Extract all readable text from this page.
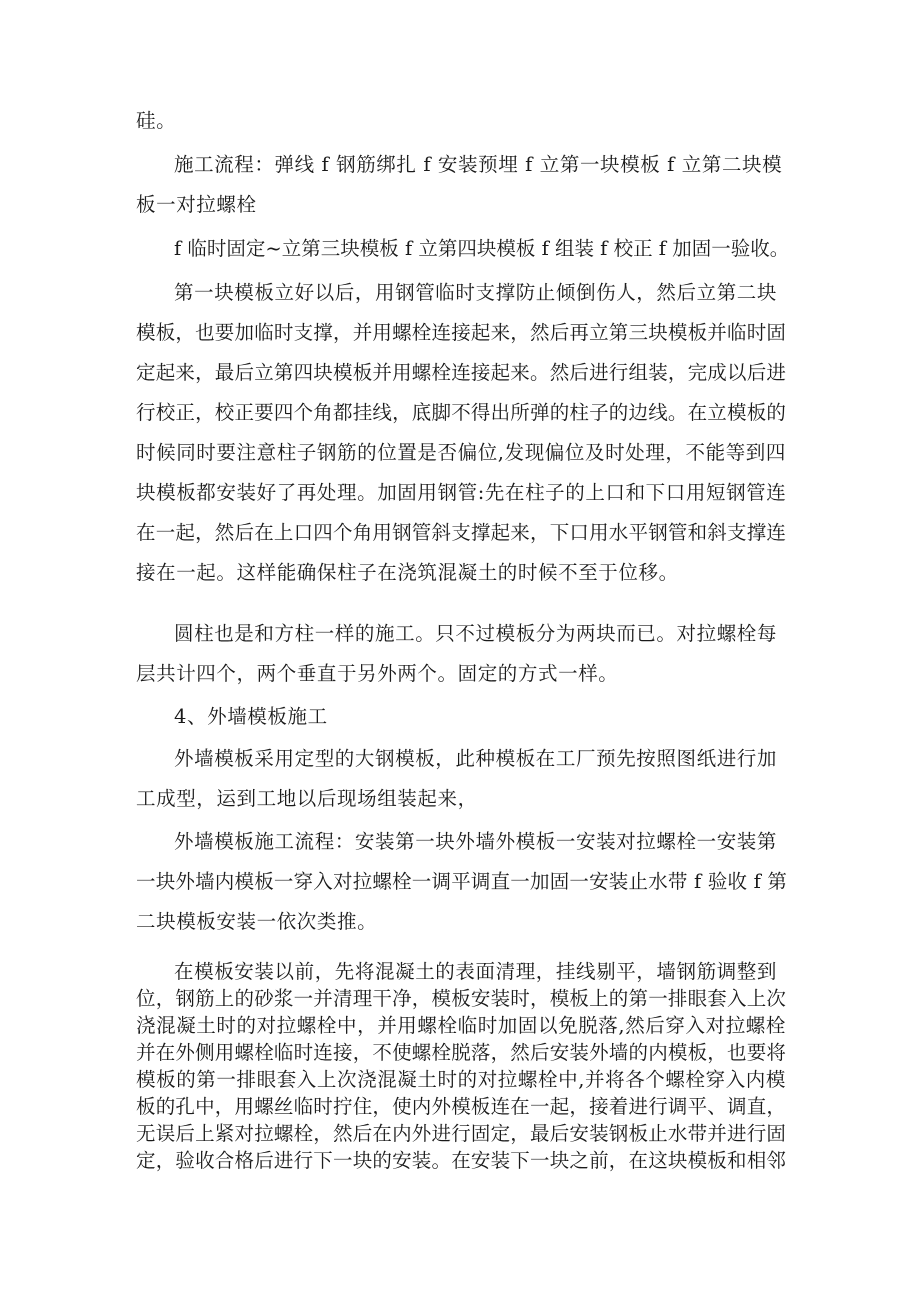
硅。

施工流程：弹线 f 钢筋绑扎 f 安装预埋 f 立第一块模板 f 立第二块模
板一对拉螺栓

f 临时固定~立第三块模板 f 立第四块模板 f 组装 f 校正 f 加固一验收。

第一块模板立好以后，用钢管临时支撑防止倾倒伤人，然后立第二块
模板，也要加临时支撑，并用螺栓连接起来，然后再立第三块模板并临时固
定起来，最后立第四块模板并用螺栓连接起来。然后进行组装，完成以后进
行校正，校正要四个角都挂线，底脚不得出所弹的柱子的边线。在立模板的
时候同时要注意柱子钢筋的位置是否偏位,发现偏位及时处理，不能等到四
块模板都安装好了再处理。加固用钢管:先在柱子的上口和下口用短钢管连
在一起，然后在上口四个角用钢管斜支撑起来，下口用水平钢管和斜支撑连
接在一起。这样能确保柱子在浇筑混凝土的时候不至于位移。

圆柱也是和方柱一样的施工。只不过模板分为两块而已。对拉螺栓每
层共计四个，两个垂直于另外两个。固定的方式一样。

4、外墙模板施工

外墙模板采用定型的大钢模板，此种模板在工厂预先按照图纸进行加
工成型，运到工地以后现场组装起来，

外墙模板施工流程：安装第一块外墙外模板一安装对拉螺栓一安装第
一块外墙内模板一穿入对拉螺栓一调平调直一加固一安装止水带 f 验收 f 第
二块模板安装一依次类推。

在模板安装以前，先将混凝土的表面清理，挂线剔平，墙钢筋调整到
位，钢筋上的砂浆一并清理干净，模板安装时，模板上的第一排眼套入上次
浇混凝土时的对拉螺栓中，并用螺栓临时加固以免脱落,然后穿入对拉螺栓
并在外侧用螺栓临时连接，不使螺栓脱落，然后安装外墙的内模板，也要将
模板的第一排眼套入上次浇混凝土时的对拉螺栓中,并将各个螺栓穿入内模
板的孔中，用螺丝临时拧住，使内外模板连在一起，接着进行调平、调直，
无误后上紧对拉螺栓，然后在内外进行固定，最后安装钢板止水带并进行固
定，验收合格后进行下一块的安装。在安装下一块之前，在这块模板和相邻
